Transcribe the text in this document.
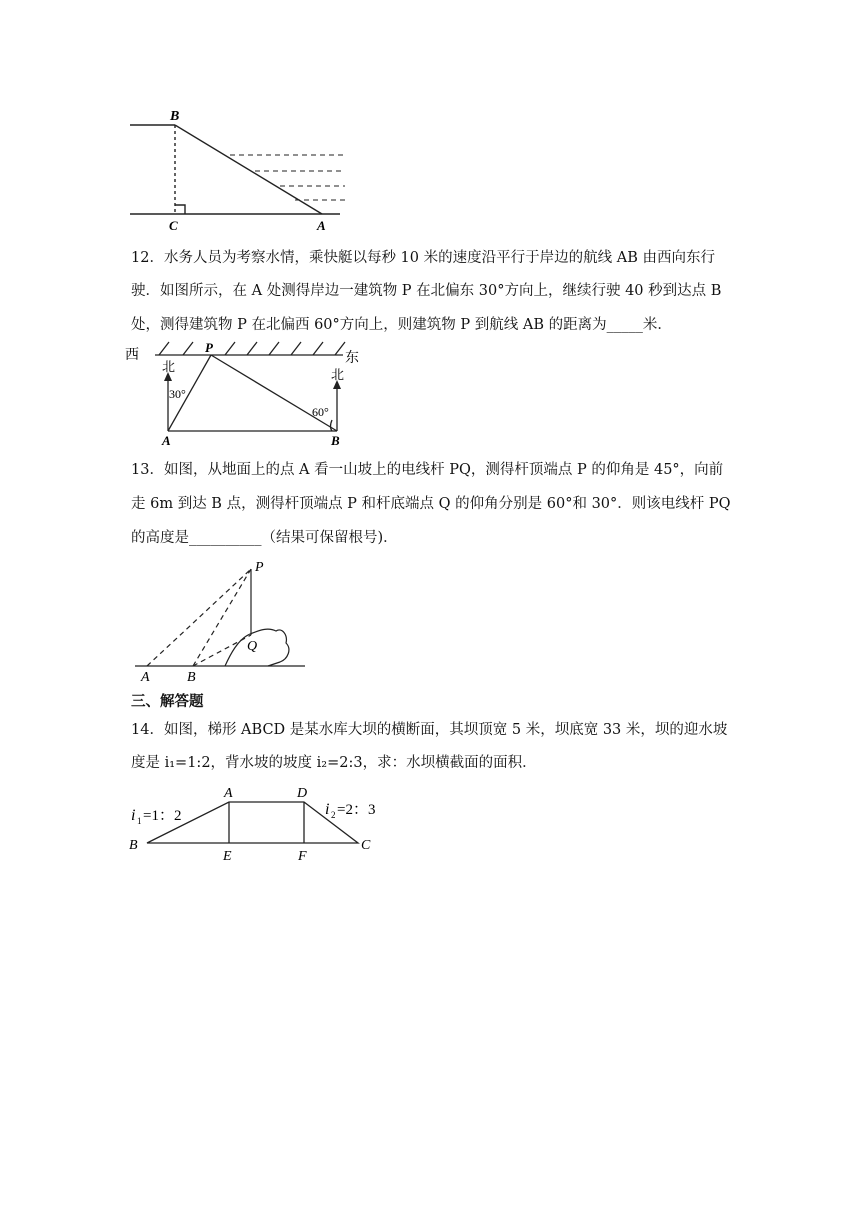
B
C	A
12．水务人员为考察水情，乘快艇以每秒 10 米的速度沿平行于岸边的航线 AB 由西向东行
驶．如图所示，在 A 处测得岸边一建筑物 P 在北偏东 30°方向上，继续行驶 40 秒到达点 B
处，测得建筑物 P 在北偏西 60°方向上，则建筑物 P 到航线 AB 的距离为_____米．
西	东
P
北
北
30°
60°
A	B
13．如图，从地面上的点 A 看一山坡上的电线杆 PQ，测得杆顶端点 P 的仰角是 45°，向前
走 6m 到达 B 点，测得杆顶端点 P 和杆底端点 Q 的仰角分别是 60°和 30°．则该电线杆 PQ
的高度是__________（结果可保留根号)．
P
Q
A	B
三、解答题
14．如图，梯形 ABCD 是某水库大坝的横断面，其坝顶宽 5 米，坝底宽 33 米，坝的迎水坡
度是 i₁=1:2，背水坡的坡度 i₂=2:3，求：水坝横截面的面积．
A	D
B
E	F
C
i 1 =1：2	i 2 =2：3
